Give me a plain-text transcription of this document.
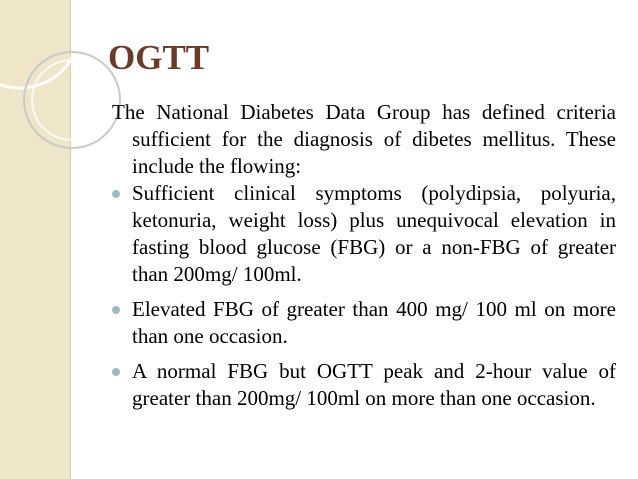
OGTT

The National Diabetes Data Group has defined criteria sufficient for the diagnosis of dibetes mellitus. These include the flowing:

Sufficient clinical symptoms (polydipsia, polyuria, ketonuria, weight loss) plus unequivocal elevation in fasting blood glucose (FBG) or a non-FBG of greater than 200mg/ 100ml.
Elevated FBG of greater than 400 mg/ 100 ml on more than one occasion.
A normal FBG but OGTT peak and 2-hour value of greater than 200mg/ 100ml on more than one occasion.
